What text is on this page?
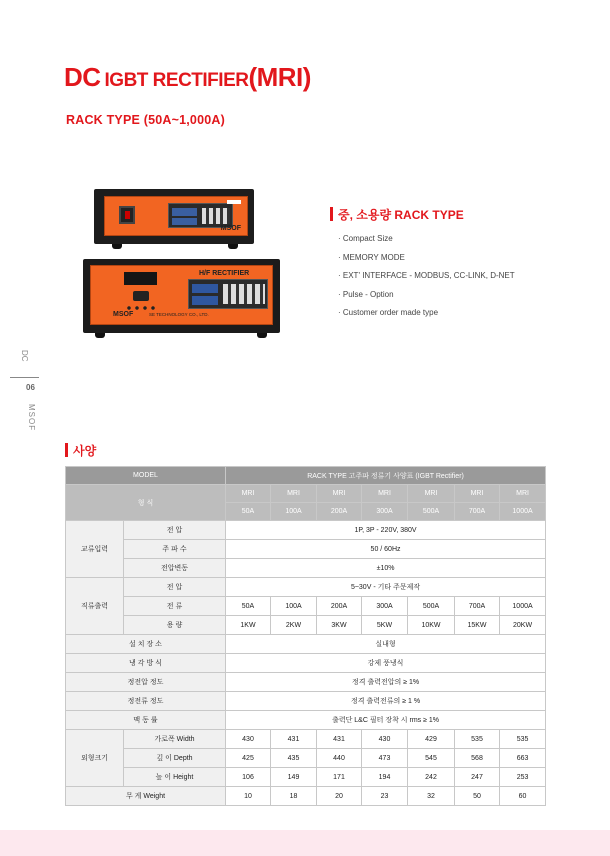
DC IGBT RECTIFIER(MRI)
RACK TYPE (50A~1,000A)
MSOF
H/F RECTIFIER
MSOF	SE TECHNOLOGY CO., LTD.
중, 소용량 RACK TYPE
· Compact Size
· MEMORY MODE
· EXT' INTERFACE - MODBUS, CC-LINK, D-NET
· Pulse - Option
· Customer order made type
DC
06
MSOF
사양
MODEL		RACK TYPE 고주파 정류기 사양표 (IGBT Rectifier)						
형 식		MRI	MRI	MRI	MRI	MRI	MRI	MRI
		50A	100A	200A	300A	500A	700A	1000A
교류입력	전 압	1P, 3P - 220V, 380V						
	주 파 수	50 / 60Hz						
	전압변동	±10%						
직류출력	전 압	5~30V - 기타 주문제작						
	전 류	50A	100A	200A	300A	500A	700A	1000A
	용 량	1KW	2KW	3KW	5KW	10KW	15KW	20KW
설 치 장 소		실내형						
냉 각 방 식		강제 풍냉식						
정전압 정도		정격 출력전압의 ≥ 1%						
정전류 정도		정격 출력전류의 ≥ 1 %						
맥 동 률		출력단 L&C 필터 장착 시 rms ≥ 1%						
외형크기	가로폭 Width	430	431	431	430	429	535	535
	깊 이 Depth	425	435	440	473	545	568	663
	높 이 Height	106	149	171	194	242	247	253
무 게 Weight		10	18	20	23	32	50	60
